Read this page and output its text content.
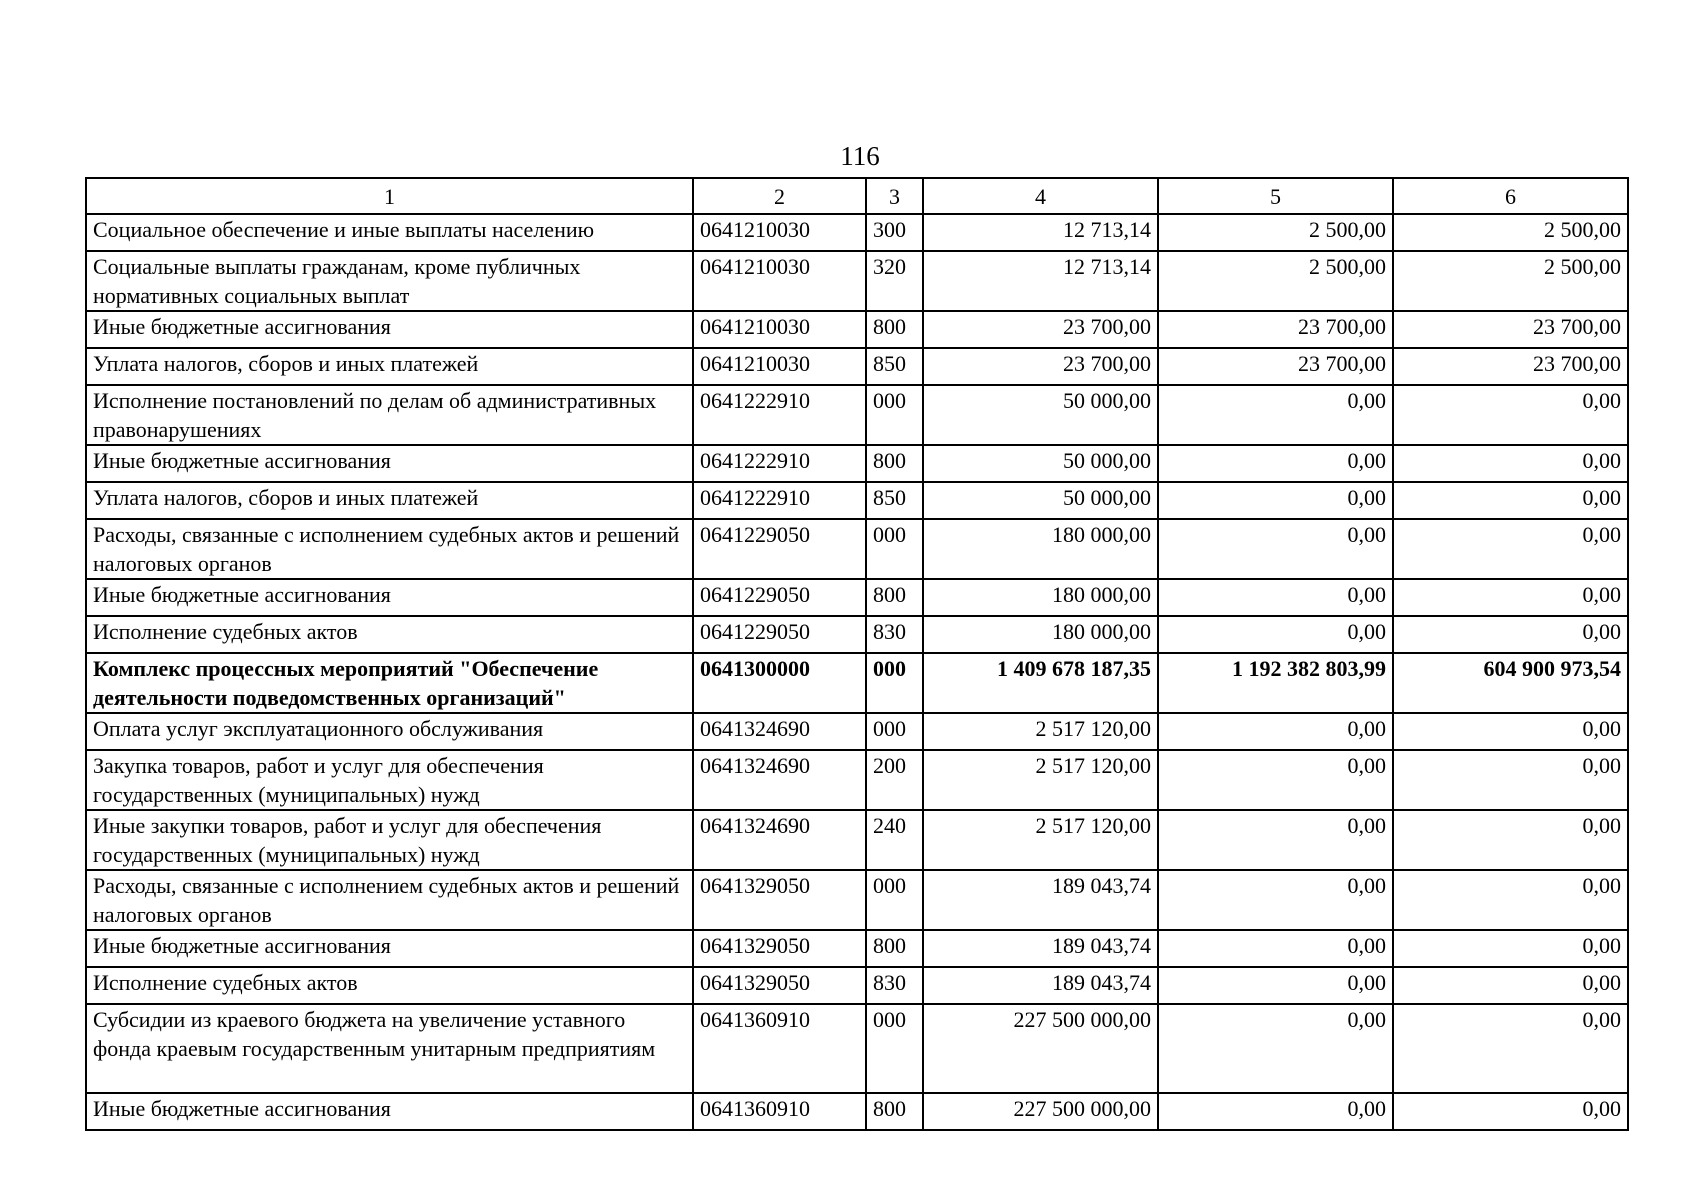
116
1	2	3	4	5	6
Социальное обеспечение и иные выплаты населению	0641210030	300	12 713,14	2 500,00	2 500,00
Социальные выплаты гражданам, кроме публичных нормативных социальных выплат	0641210030	320	12 713,14	2 500,00	2 500,00
Иные бюджетные ассигнования	0641210030	800	23 700,00	23 700,00	23 700,00
Уплата налогов, сборов и иных платежей	0641210030	850	23 700,00	23 700,00	23 700,00
Исполнение постановлений по делам об административных правонарушениях	0641222910	000	50 000,00	0,00	0,00
Иные бюджетные ассигнования	0641222910	800	50 000,00	0,00	0,00
Уплата налогов, сборов и иных платежей	0641222910	850	50 000,00	0,00	0,00
Расходы, связанные с исполнением судебных актов и решений налоговых органов	0641229050	000	180 000,00	0,00	0,00
Иные бюджетные ассигнования	0641229050	800	180 000,00	0,00	0,00
Исполнение судебных актов	0641229050	830	180 000,00	0,00	0,00
Комплекс процессных мероприятий "Обеспечение деятельности подведомственных организаций"	0641300000	000	1 409 678 187,35	1 192 382 803,99	604 900 973,54
Оплата услуг эксплуатационного обслуживания	0641324690	000	2 517 120,00	0,00	0,00
Закупка товаров, работ и услуг для обеспечения государственных (муниципальных) нужд	0641324690	200	2 517 120,00	0,00	0,00
Иные закупки товаров, работ и услуг для обеспечения государственных (муниципальных) нужд	0641324690	240	2 517 120,00	0,00	0,00
Расходы, связанные с исполнением судебных актов и решений налоговых органов	0641329050	000	189 043,74	0,00	0,00
Иные бюджетные ассигнования	0641329050	800	189 043,74	0,00	0,00
Исполнение судебных актов	0641329050	830	189 043,74	0,00	0,00
Субсидии из краевого бюджета на увеличение уставного фонда краевым государственным унитарным предприятиям	0641360910	000	227 500 000,00	0,00	0,00
Иные бюджетные ассигнования	0641360910	800	227 500 000,00	0,00	0,00
